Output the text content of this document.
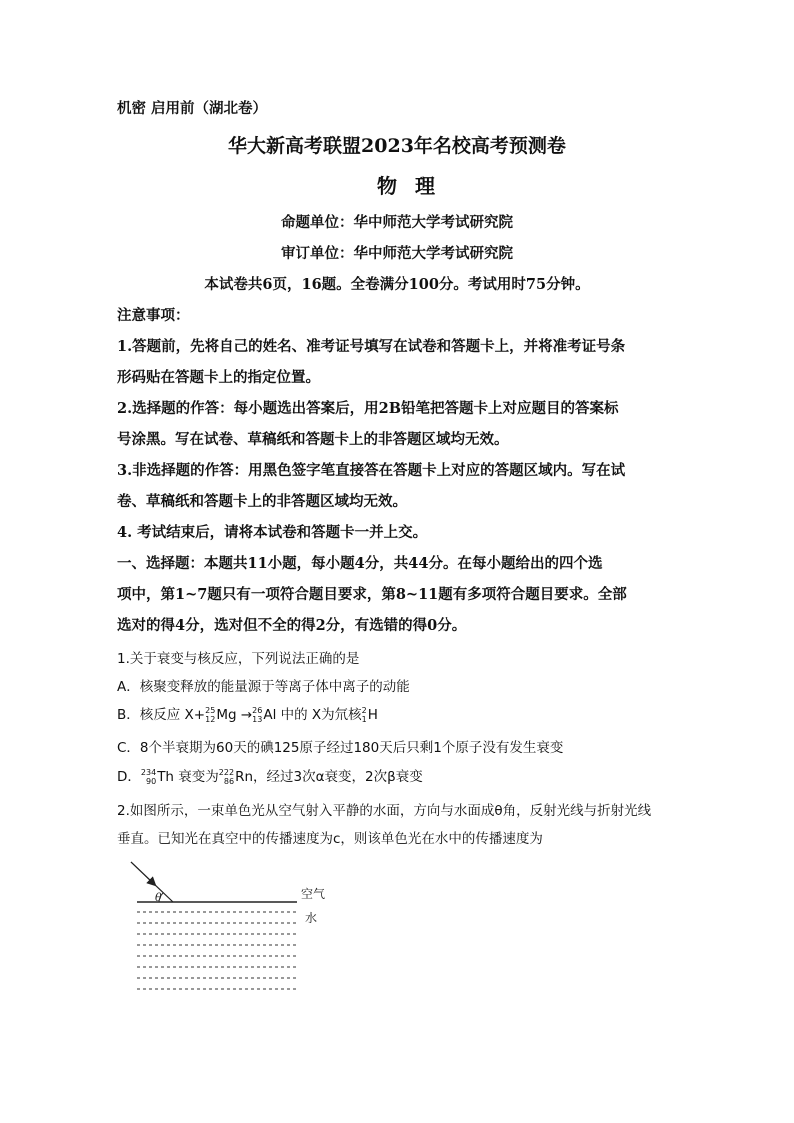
机密 启用前（湖北卷）
华大新高考联盟2023年名校高考预测卷
物理
命题单位：华中师范大学考试研究院
审订单位：华中师范大学考试研究院
本试卷共6页，16题。全卷满分100分。考试用时75分钟。
注意事项：
1.答题前，先将自己的姓名、准考证号填写在试卷和答题卡上，并将准考证号条
形码贴在答题卡上的指定位置。
2.选择题的作答：每小题选出答案后，用2B铅笔把答题卡上对应题目的答案标
号涂黑。写在试卷、草稿纸和答题卡上的非答题区域均无效。
3.非选择题的作答：用黑色签字笔直接答在答题卡上对应的答题区域内。写在试
卷、草稿纸和答题卡上的非答题区域均无效。
4. 考试结束后，请将本试卷和答题卡一并上交。
一、选择题：本题共11小题，每小题4分，共44分。在每小题给出的四个选
项中，第1~7题只有一项符合题目要求，第8~11题有多项符合题目要求。全部
选对的得4分，选对但不全的得2分，有选错的得0分。
1.关于衰变与核反应，下列说法正确的是
A．核聚变释放的能量源于等离子体中离子的动能
B．核反应 X+ 25
12 Mg → 26
13 Al 中的 X为氘核 2
1 H
C．8个半衰期为60天的碘125原子经过180天后只剩1个原子没有发生衰变
D． 234
90 Th 衰变为 222
86 Rn，经过3次α衰变，2次β衰变
2.如图所示，一束单色光从空气射入平静的水面，方向与水面成θ角，反射光线与折射光线
垂直。已知光在真空中的传播速度为c，则该单色光在水中的传播速度为
θ	空气
水
